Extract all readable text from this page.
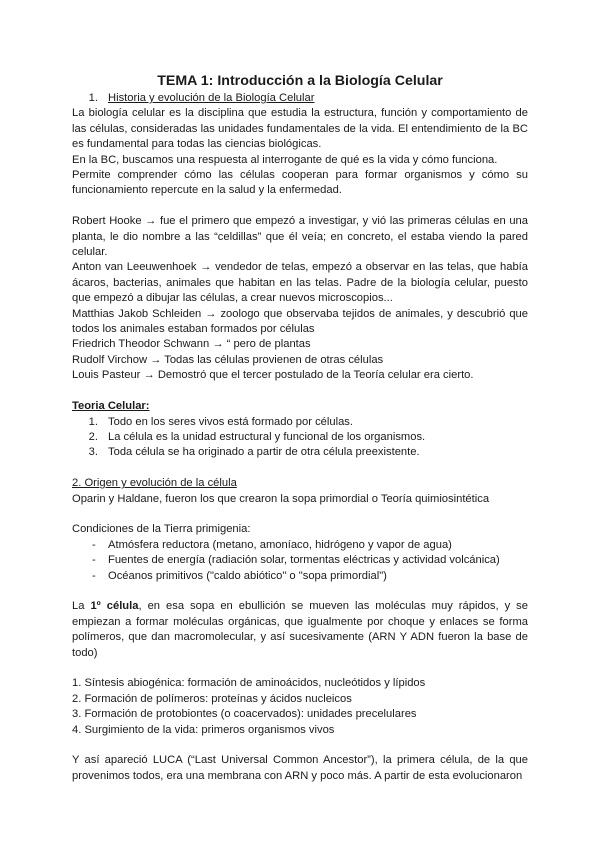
TEMA 1: Introducción a la Biología Celular

1. Historia y evolución de la Biología Celular

La biología celular es la disciplina que estudia la estructura, función y comportamiento de las células, consideradas las unidades fundamentales de la vida. El entendimiento de la BC es fundamental para todas las ciencias biológicas.

En la BC, buscamos una respuesta al interrogante de qué es la vida y cómo funciona.

Permite comprender cómo las células cooperan para formar organismos y cómo su funcionamiento repercute en la salud y la enfermedad.

Robert Hooke → fue el primero que empezó a investigar, y vió las primeras células en una planta, le dio nombre a las “celdillas” que él veía; en concreto, el estaba viendo la pared celular.

Anton van Leeuwenhoek → vendedor de telas, empezó a observar en las telas, que había ácaros, bacterias, animales que habitan en las telas. Padre de la biología celular, puesto que empezó a dibujar las células, a crear nuevos microscopios...

Matthias Jakob Schleiden → zoologo que observaba tejidos de animales, y descubrió que todos los animales estaban formados por células

Friedrich Theodor Schwann → “ pero de plantas

Rudolf Virchow → Todas las células provienen de otras células

Louis Pasteur → Demostró que el tercer postulado de la Teoría celular era cierto.

Teoria Celular:

1. Todo en los seres vivos está formado por células.
2. La célula es la unidad estructural y funcional de los organismos.
3. Toda célula se ha originado a partir de otra célula preexistente.

2. Origen y evolución de la célula

Oparin y Haldane, fueron los que crearon la sopa primordial o Teoría quimiosintética

Condiciones de la Tierra primigenia:

-	Atmósfera reductora (metano, amoníaco, hidrógeno y vapor de agua)
-	Fuentes de energía (radiación solar, tormentas eléctricas y actividad volcánica)
-	Océanos primitivos ("caldo abiótico" o "sopa primordial")

La 1º célula, en esa sopa en ebullición se mueven las moléculas muy rápidos, y se empiezan a formar moléculas orgánicas, que igualmente por choque y enlaces se forma polímeros, que dan macromolecular, y así sucesivamente (ARN Y ADN fueron la base de todo)

1. Síntesis abiogénica: formación de aminoácidos, nucleótidos y lípidos

2. Formación de polímeros: proteínas y ácidos nucleicos

3. Formación de protobiontes (o coacervados): unidades precelulares

4. Surgimiento de la vida: primeros organismos vivos

Y así apareció LUCA (“Last Universal Common Ancestor”), la primera célula, de la que provenimos todos, era una membrana con ARN y poco más. A partir de esta evolucionaron
